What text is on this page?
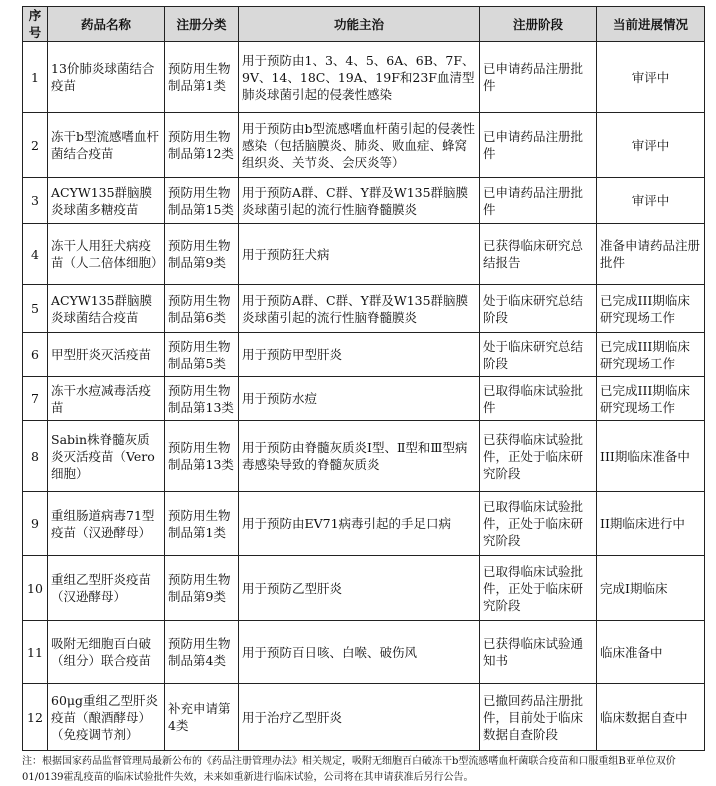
序号	药品名称	注册分类	功能主治	注册阶段	当前进展情况
1	13价肺炎球菌结合疫苗	预防用生物制品第1类	用于预防由1、3、4、5、6A、6B、7F、9V、14、18C、19A、19F和23F血清型肺炎球菌引起的侵袭性感染	已申请药品注册批件	审评中
2	冻干b型流感嗜血杆菌结合疫苗	预防用生物制品第12类	用于预防由b型流感嗜血杆菌引起的侵袭性感染（包括脑膜炎、肺炎、败血症、蜂窝组织炎、关节炎、会厌炎等）	已申请药品注册批件	审评中
3	ACYW135群脑膜炎球菌多糖疫苗	预防用生物制品第15类	用于预防A群、C群、Y群及W135群脑膜炎球菌引起的流行性脑脊髓膜炎	已申请药品注册批件	审评中
4	冻干人用狂犬病疫苗（人二倍体细胞）	预防用生物制品第9类	用于预防狂犬病	已获得临床研究总结报告	准备申请药品注册批件
5	ACYW135群脑膜炎球菌结合疫苗	预防用生物制品第6类	用于预防A群、C群、Y群及W135群脑膜炎球菌引起的流行性脑脊髓膜炎	处于临床研究总结阶段	已完成III期临床研究现场工作
6	甲型肝炎灭活疫苗	预防用生物制品第5类	用于预防甲型肝炎	处于临床研究总结阶段	已完成III期临床研究现场工作
7	冻干水痘减毒活疫苗	预防用生物制品第13类	用于预防水痘	已取得临床试验批件	已完成III期临床研究现场工作
8	Sabin株脊髓灰质炎灭活疫苗（Vero细胞）	预防用生物制品第13类	用于预防由脊髓灰质炎Ⅰ型、Ⅱ型和Ⅲ型病毒感染导致的脊髓灰质炎	已获得临床试验批件，正处于临床研究阶段	III期临床准备中
9	重组肠道病毒71型疫苗（汉逊酵母）	预防用生物制品第1类	用于预防由EV71病毒引起的手足口病	已取得临床试验批件，正处于临床研究阶段	II期临床进行中
10	重组乙型肝炎疫苗（汉逊酵母）	预防用生物制品第9类	用于预防乙型肝炎	已取得临床试验批件，正处于临床研究阶段	完成Ⅰ期临床
11	吸附无细胞百白破（组分）联合疫苗	预防用生物制品第4类	用于预防百日咳、白喉、破伤风	已获得临床试验通知书	临床准备中
12	60μg重组乙型肝炎疫苗（酿酒酵母）（免疫调节剂）	补充申请第4类	用于治疗乙型肝炎	已撤回药品注册批件，目前处于临床数据自查阶段	临床数据自查中
注：根据国家药品监督管理局最新公布的《药品注册管理办法》相关规定，吸附无细胞百白破冻干b型流感嗜血杆菌联合疫苗和口服重组B亚单位双价01/0139霍乱疫苗的临床试验批件失效，未来如重新进行临床试验，公司将在其申请获准后另行公告。
